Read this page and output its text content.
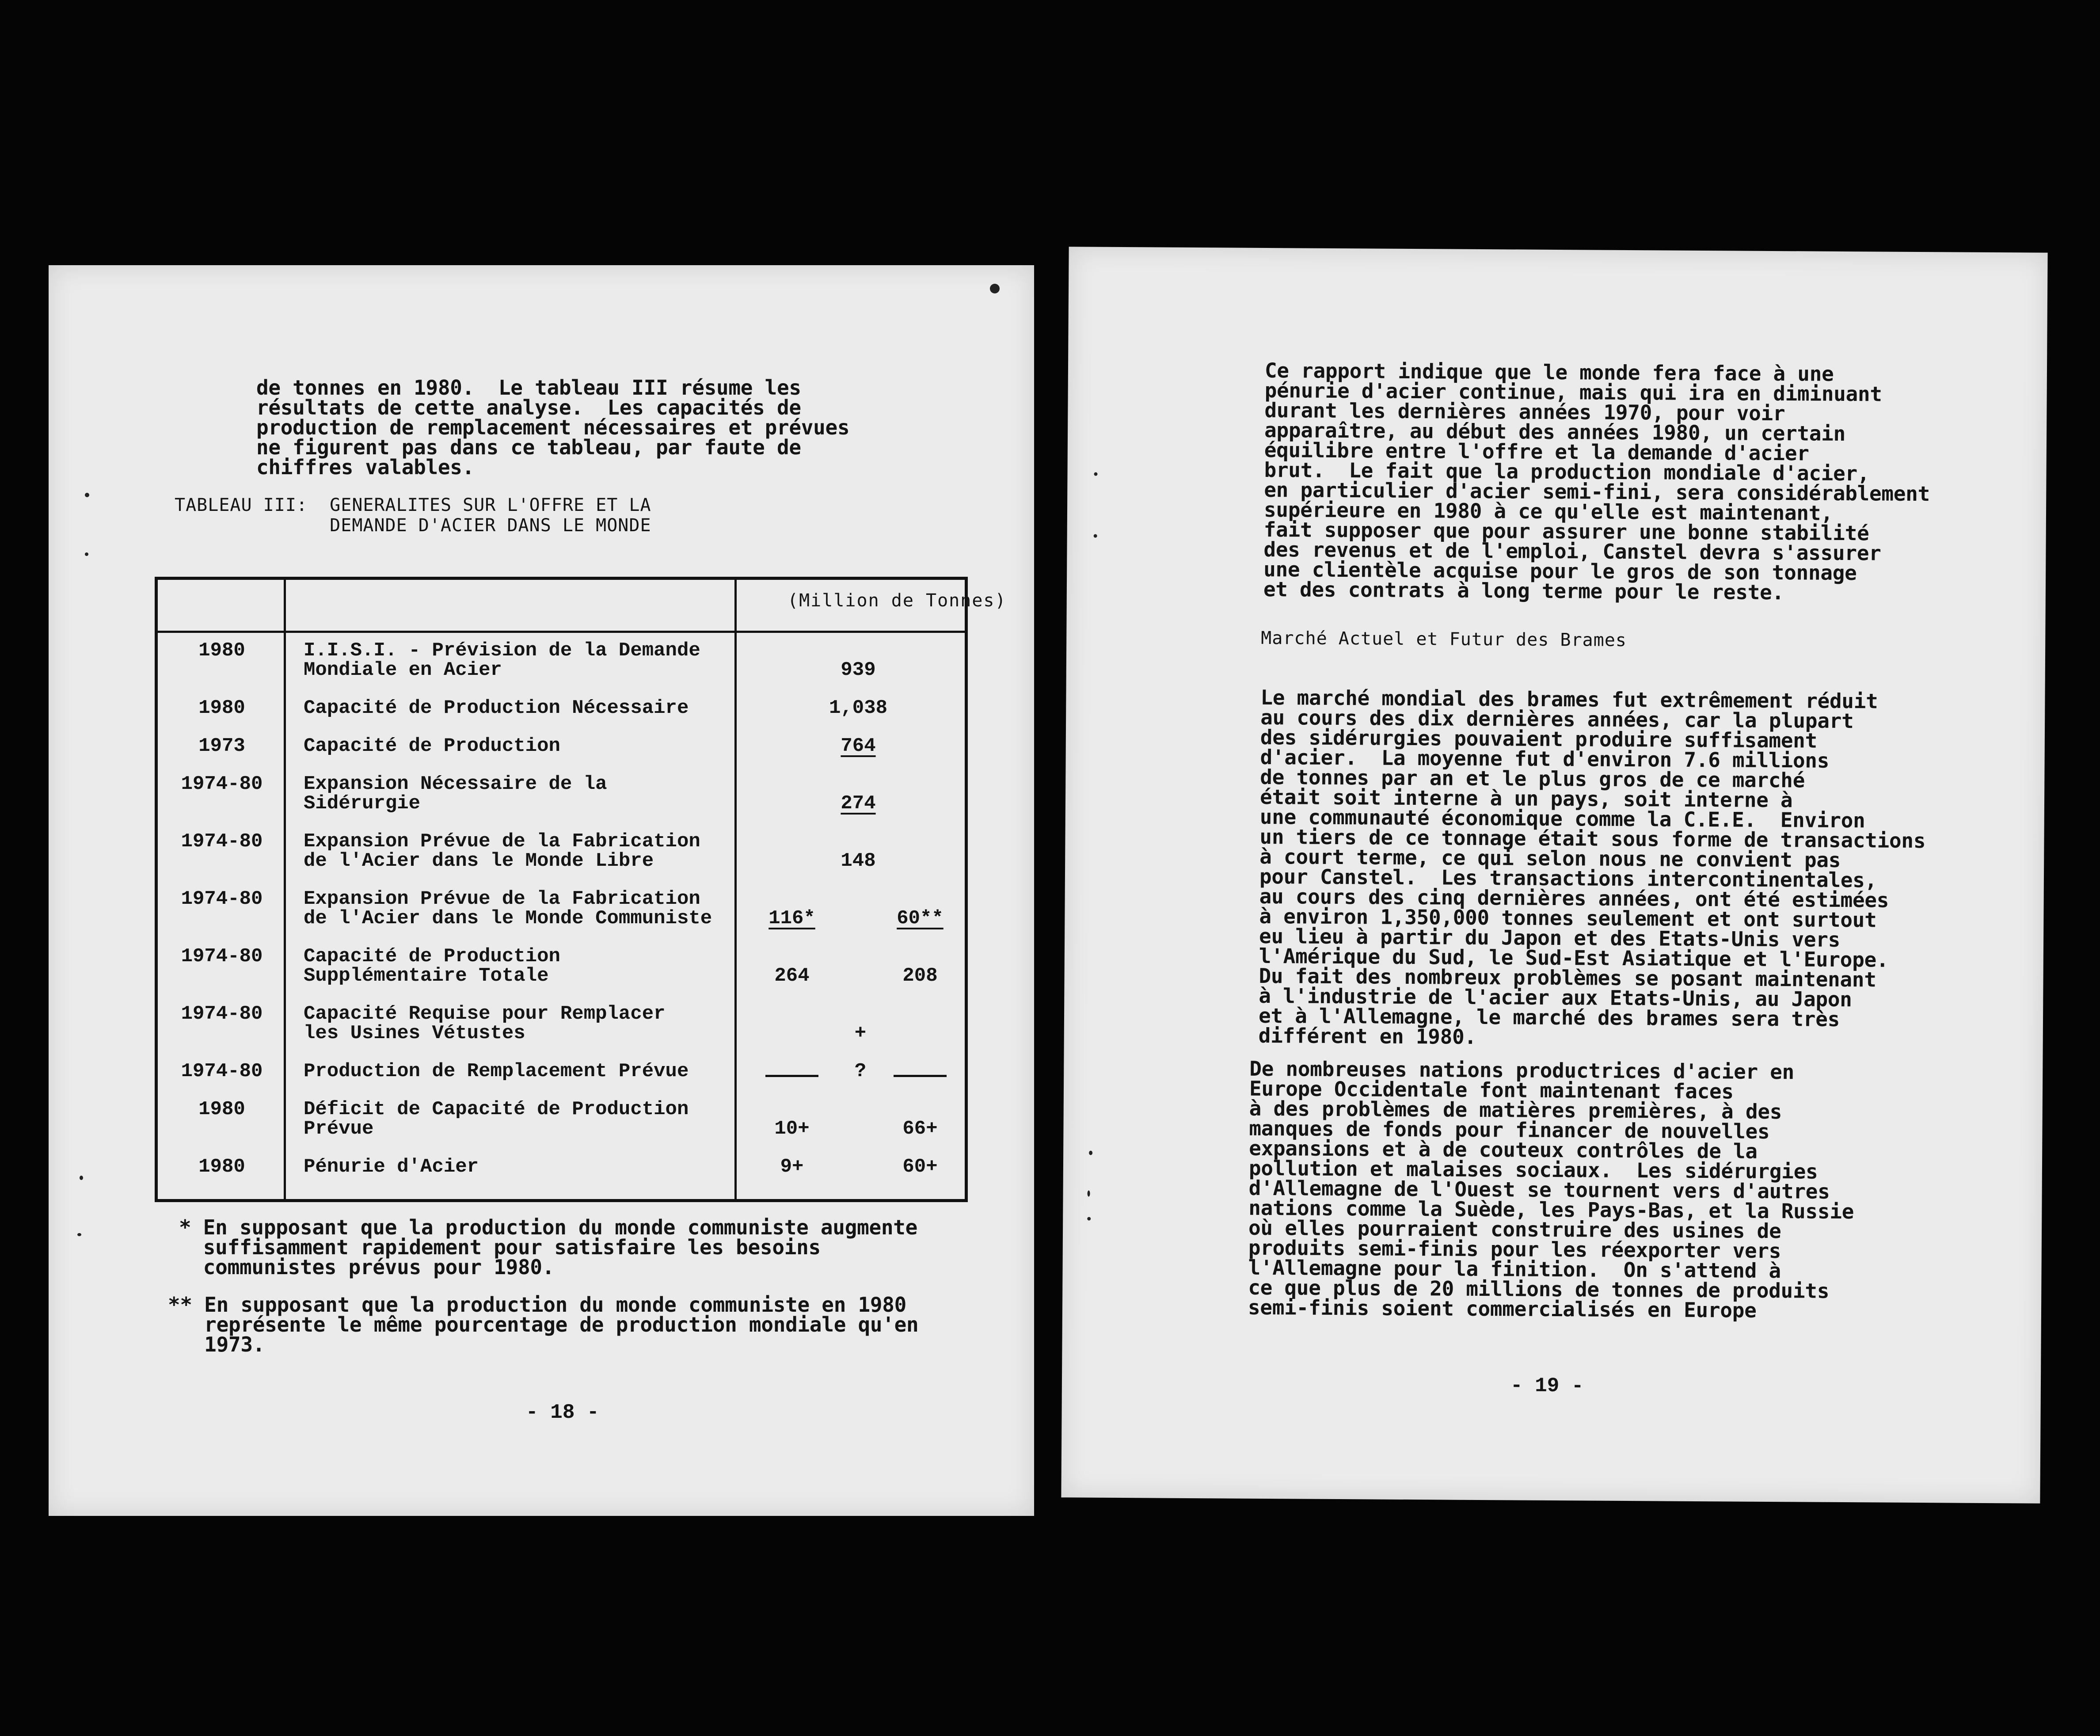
de tonnes en 1980.  Le tableau III résume les
résultats de cette analyse.  Les capacités de
production de remplacement nécessaires et prévues
ne figurent pas dans ce tableau, par faute de
chiffres valables.
TABLEAU III:  GENERALITES SUR L'OFFRE ET LA
DEMANDE D'ACIER DANS LE MONDE
(Million de Tonnes)
1980	I.I.S.I. - Prévision de la Demande
Mondiale en Acier	939
1980	Capacité de Production Nécessaire	1,038
1973	Capacité de Production	764
1974-80	Expansion Nécessaire de la
Sidérurgie	274
1974-80	Expansion Prévue de la Fabrication
de l'Acier dans le Monde Libre	148
1974-80	Expansion Prévue de la Fabrication
de l'Acier dans le Monde Communiste	116*	60**
1974-80	Capacité de Production
Supplémentaire Totale	264	208
1974-80	Capacité Requise pour Remplacer
les Usines Vétustes	+
1974-80	Production de Remplacement Prévue	?
1980	Déficit de Capacité de Production
Prévue	10+	66+
1980	Pénurie d'Acier	9+	60+
* En supposant que la production du monde communiste augmente
suffisamment rapidement pour satisfaire les besoins
communistes prévus pour 1980.
** En supposant que la production du monde communiste en 1980
représente le même pourcentage de production mondiale qu'en
1973.
- 18 -
Ce rapport indique que le monde fera face à une
pénurie d'acier continue, mais qui ira en diminuant
durant les dernières années 1970, pour voir
apparaître, au début des années 1980, un certain
équilibre entre l'offre et la demande d'acier
brut.  Le fait que la production mondiale d'acier,
en particulier d'acier semi-fini, sera considérablement
supérieure en 1980 à ce qu'elle est maintenant,
fait supposer que pour assurer une bonne stabilité
des revenus et de l'emploi, Canstel devra s'assurer
une clientèle acquise pour le gros de son tonnage
et des contrats à long terme pour le reste.
Marché Actuel et Futur des Brames
Le marché mondial des brames fut extrêmement réduit
au cours des dix dernières années, car la plupart
des sidérurgies pouvaient produire suffisament
d'acier.  La moyenne fut d'environ 7.6 millions
de tonnes par an et le plus gros de ce marché
était soit interne à un pays, soit interne à
une communauté économique comme la C.E.E.  Environ
un tiers de ce tonnage était sous forme de transactions
à court terme, ce qui selon nous ne convient pas
pour Canstel.  Les transactions intercontinentales,
au cours des cinq dernières années, ont été estimées
à environ 1,350,000 tonnes seulement et ont surtout
eu lieu à partir du Japon et des Etats-Unis vers
l'Amérique du Sud, le Sud-Est Asiatique et l'Europe.
Du fait des nombreux problèmes se posant maintenant
à l'industrie de l'acier aux Etats-Unis, au Japon
et à l'Allemagne, le marché des brames sera très
différent en 1980.
De nombreuses nations productrices d'acier en
Europe Occidentale font maintenant faces
à des problèmes de matières premières, à des
manques de fonds pour financer de nouvelles
expansions et à de couteux contrôles de la
pollution et malaises sociaux.  Les sidérurgies
d'Allemagne de l'Ouest se tournent vers d'autres
nations comme la Suède, les Pays-Bas, et la Russie
où elles pourraient construire des usines de
produits semi-finis pour les réexporter vers
l'Allemagne pour la finition.  On s'attend à
ce que plus de 20 millions de tonnes de produits
semi-finis soient commercialisés en Europe
- 19 -
